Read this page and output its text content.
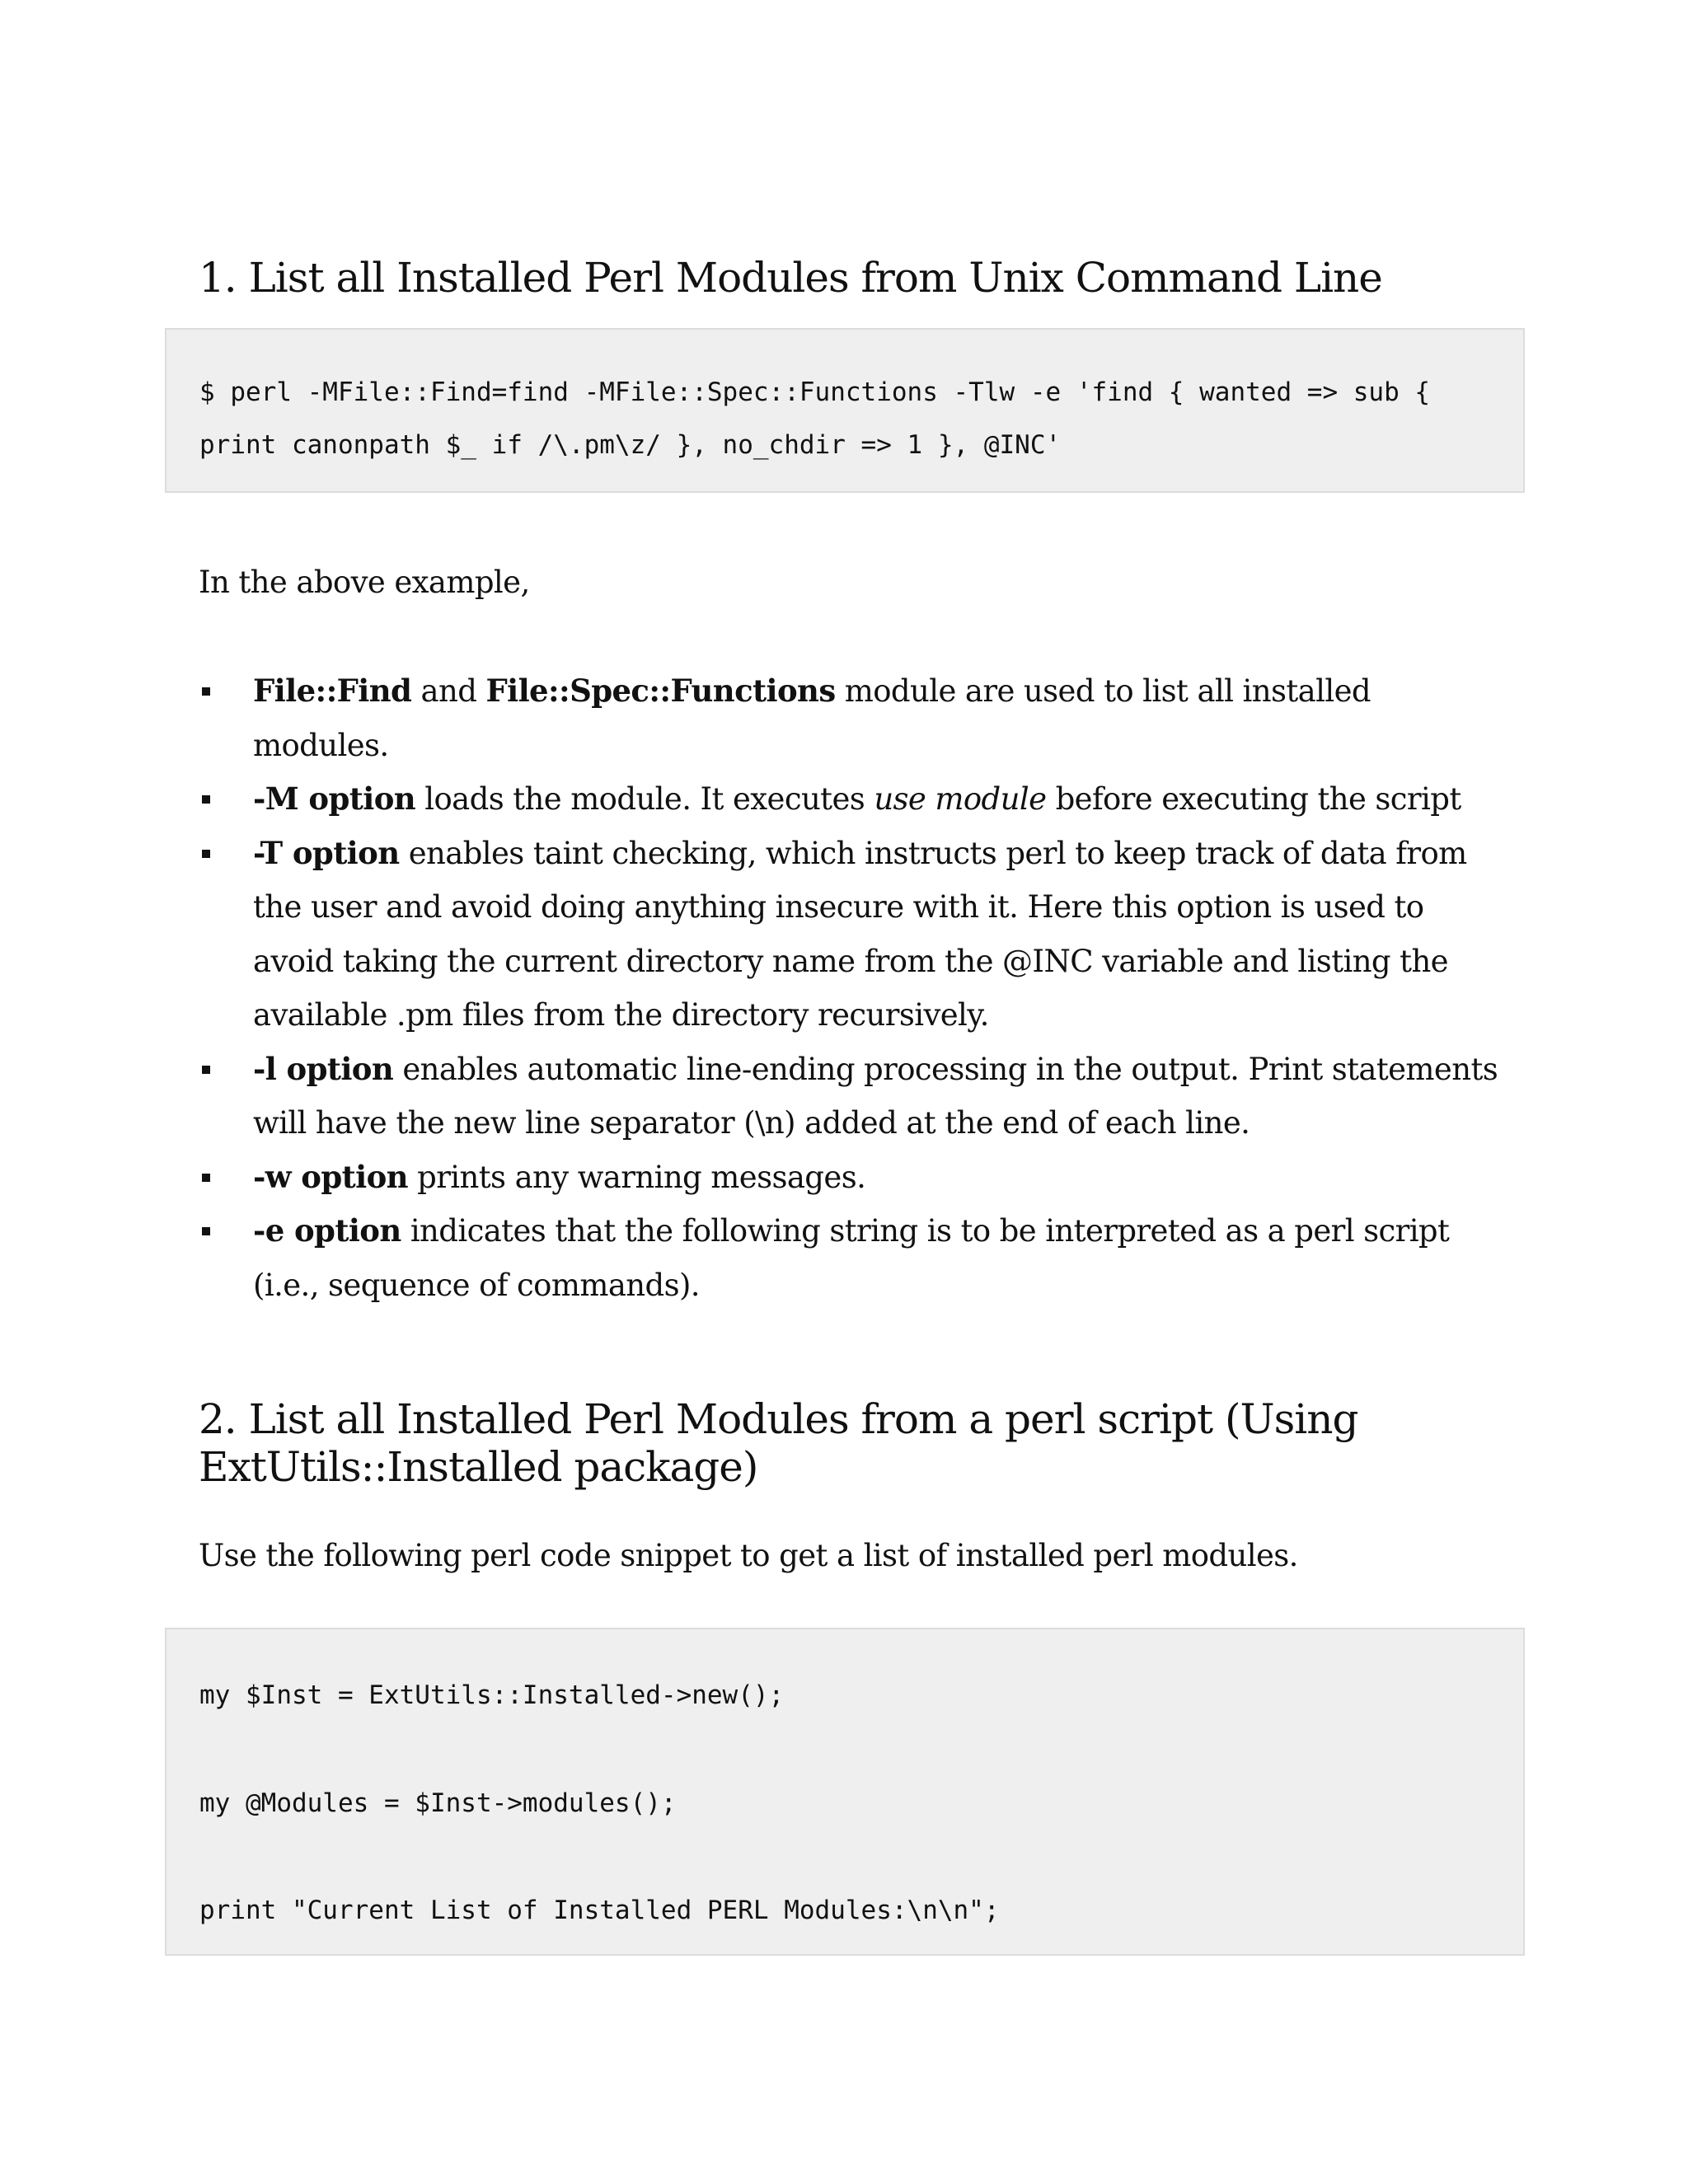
1. List all Installed Perl Modules from Unix Command Line
$ perl -MFile::Find=find -MFile::Spec::Functions -Tlw -e 'find { wanted => sub {
print canonpath $_ if /\.pm\z/ }, no_chdir => 1 }, @INC'

In the above example,

File::Find and File::Spec::Functions module are used to list all installed modules.
-M option loads the module. It executes use module before executing the script
-T option enables taint checking, which instructs perl to keep track of data from the user and avoid doing anything insecure with it. Here this option is used to avoid taking the current directory name from the @INC variable and listing the available .pm files from the directory recursively.
-l option enables automatic line-ending processing in the output. Print statements will have the new line separator (\n) added at the end of each line.
-w option prints any warning messages.
-e option indicates that the following string is to be interpreted as a perl script (i.e., sequence of commands).
2. List all Installed Perl Modules from a perl script (Using
ExtUtils::Installed package)

Use the following perl code snippet to get a list of installed perl modules.

my $Inst = ExtUtils::Installed->new();
my @Modules = $Inst->modules();
print "Current List of Installed PERL Modules:\n\n";
